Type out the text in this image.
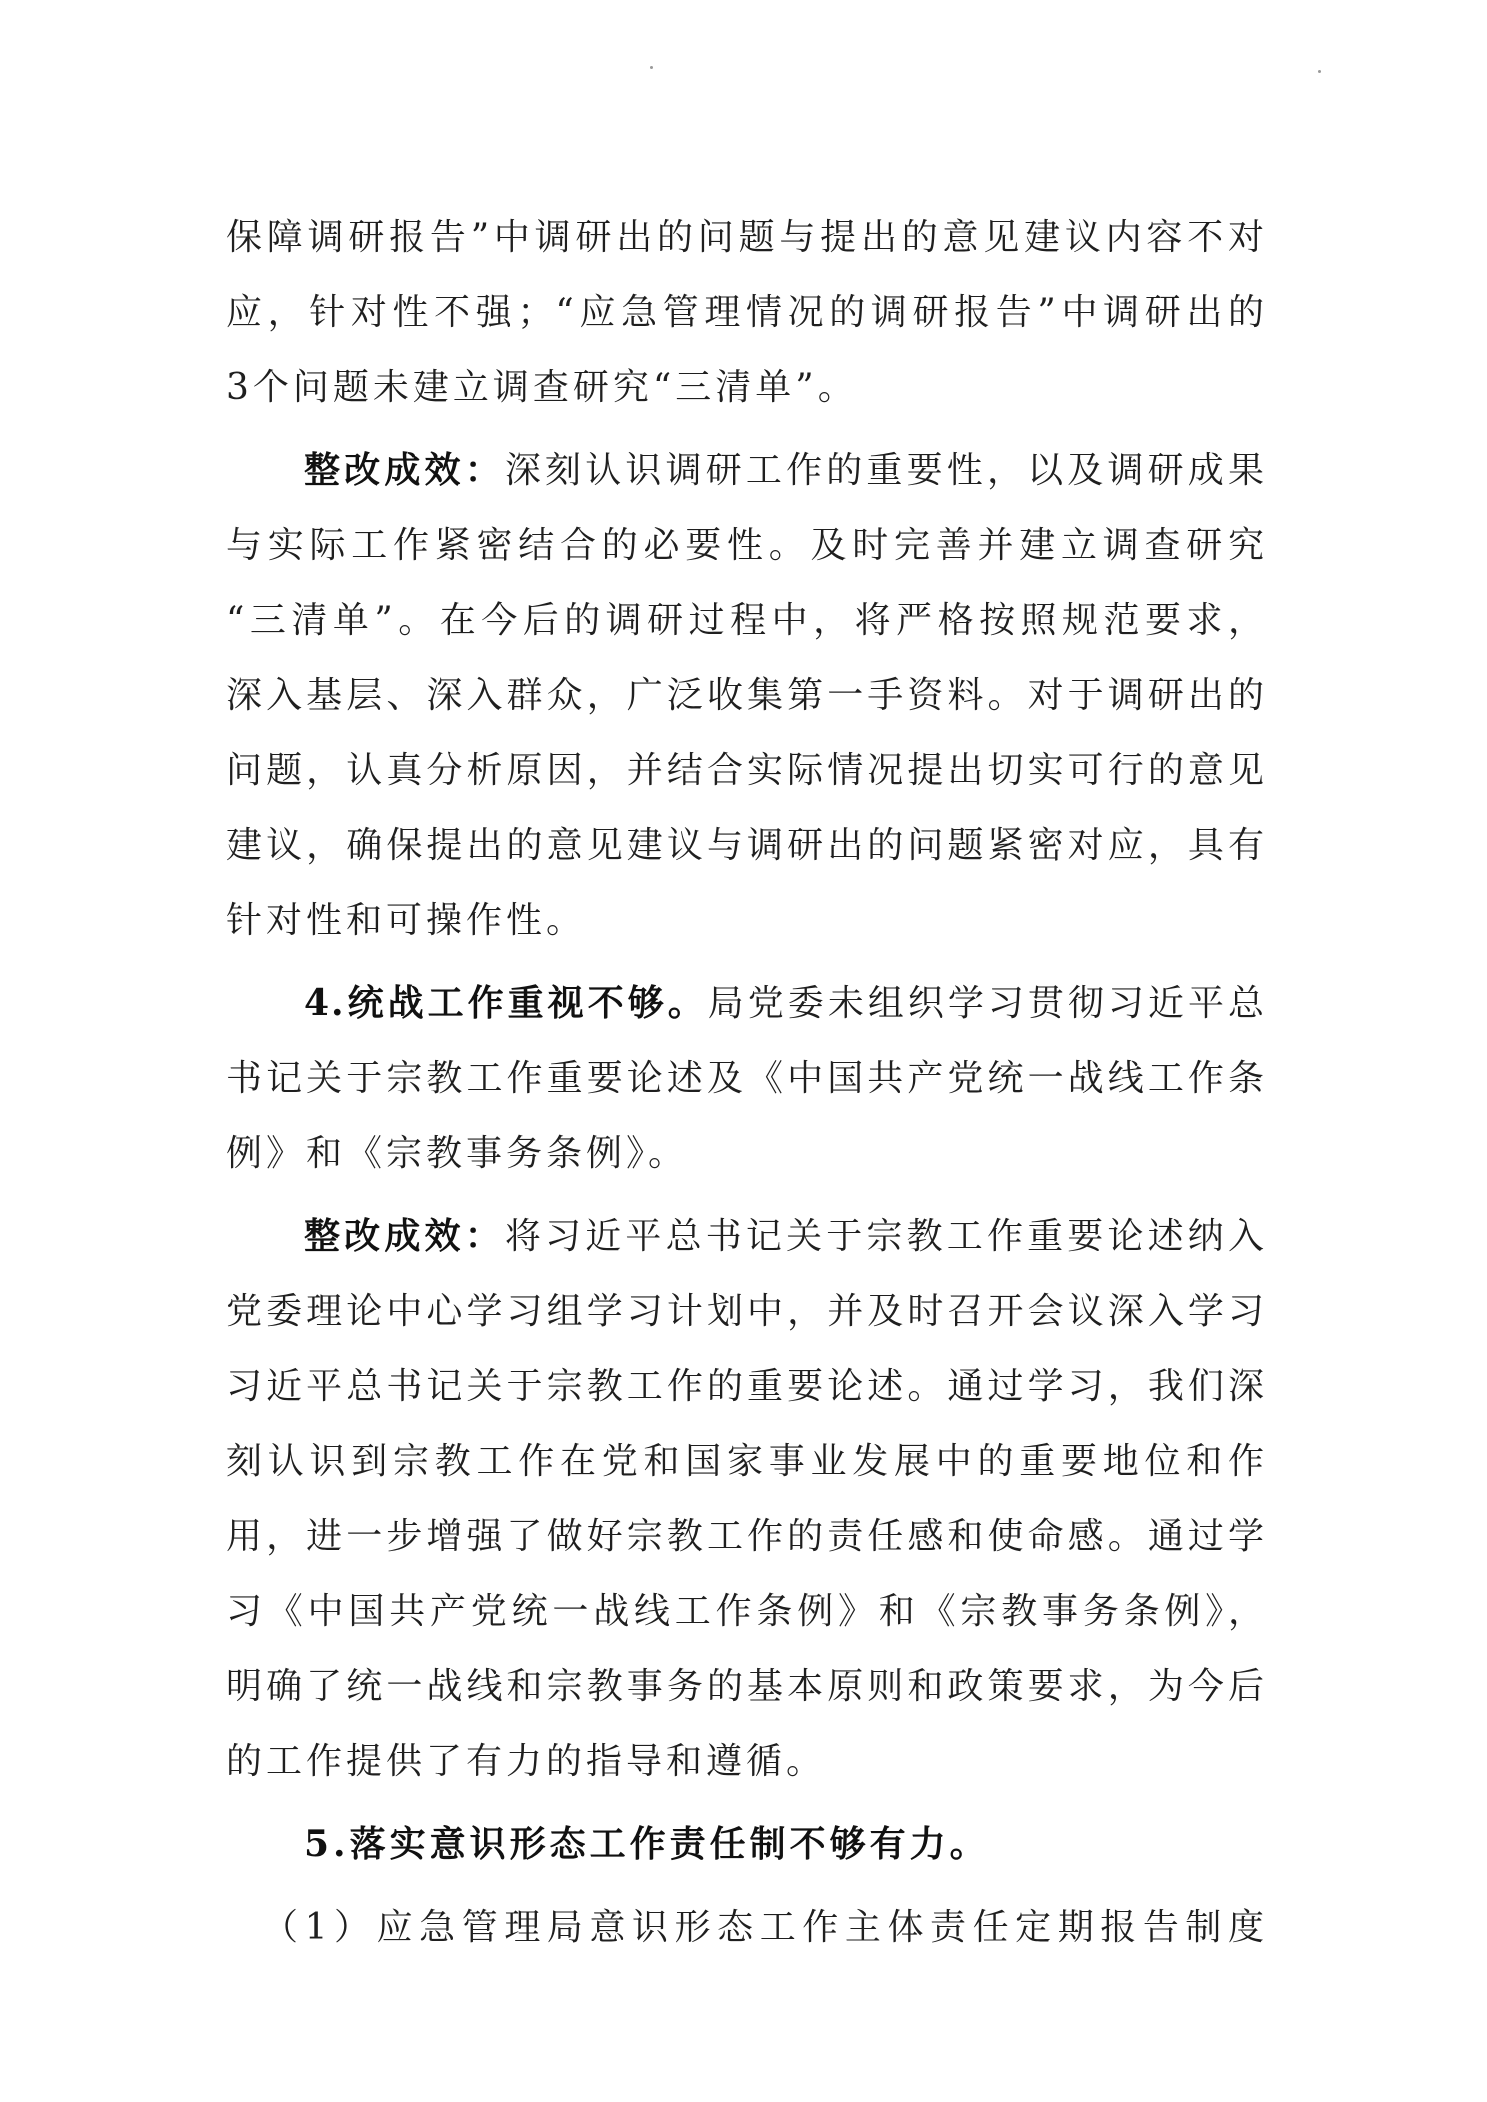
保障调研报告”中调研出的问题与提出的意见建议内容不对
应，针对性不强；“应急管理情况的调研报告”中调研出的
3个问题未建立调查研究“三清单”。
整改成效：深刻认识调研工作的重要性，以及调研成果
与实际工作紧密结合的必要性。及时完善并建立调查研究
“三清单”。在今后的调研过程中，将严格按照规范要求，
深入基层、深入群众，广泛收集第一手资料。对于调研出的
问题，认真分析原因，并结合实际情况提出切实可行的意见
建议，确保提出的意见建议与调研出的问题紧密对应，具有
针对性和可操作性。
4.统战工作重视不够。局党委未组织学习贯彻习近平总
书记关于宗教工作重要论述及《中国共产党统一战线工作条
例》和《宗教事务条例》。
整改成效：将习近平总书记关于宗教工作重要论述纳入
党委理论中心学习组学习计划中，并及时召开会议深入学习
习近平总书记关于宗教工作的重要论述。通过学习，我们深
刻认识到宗教工作在党和国家事业发展中的重要地位和作
用，进一步增强了做好宗教工作的责任感和使命感。通过学
习《中国共产党统一战线工作条例》和《宗教事务条例》，
明确了统一战线和宗教事务的基本原则和政策要求，为今后
的工作提供了有力的指导和遵循。
5.落实意识形态工作责任制不够有力。
（1）应急管理局意识形态工作主体责任定期报告制度
